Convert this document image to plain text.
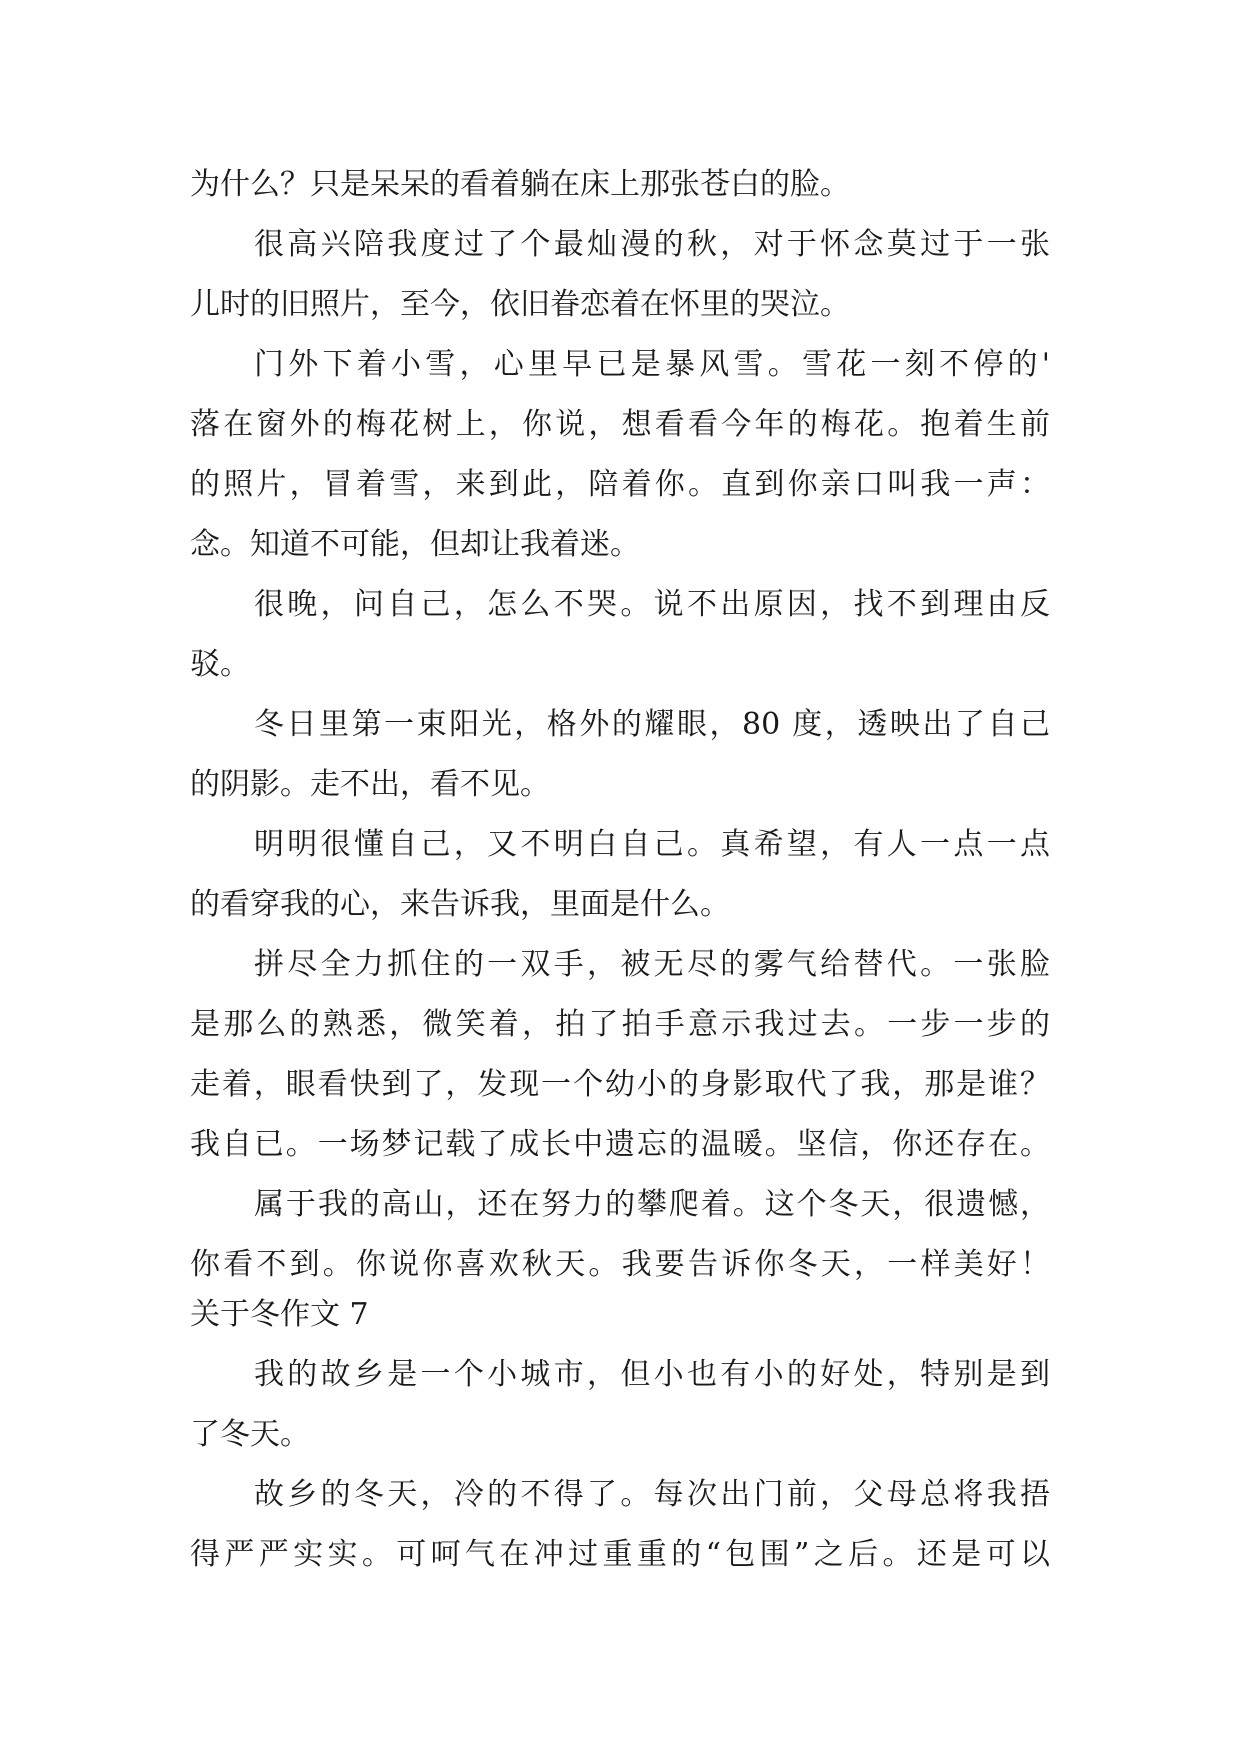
为什么？只是呆呆的看着躺在床上那张苍白的脸。
很高兴陪我度过了个最灿漫的秋，对于怀念莫过于一张
儿时的旧照片，至今，依旧眷恋着在怀里的哭泣。
门外下着小雪，心里早已是暴风雪。雪花一刻不停的'
落在窗外的梅花树上，你说，想看看今年的梅花。抱着生前
的照片，冒着雪，来到此，陪着你。直到你亲口叫我一声：
念。知道不可能，但却让我着迷。
很晚，问自己，怎么不哭。说不出原因，找不到理由反
驳。
冬日里第一束阳光，格外的耀眼，80 度，透映出了自己
的阴影。走不出，看不见。
明明很懂自己，又不明白自己。真希望，有人一点一点
的看穿我的心，来告诉我，里面是什么。
拼尽全力抓住的一双手，被无尽的雾气给替代。一张脸
是那么的熟悉，微笑着，拍了拍手意示我过去。一步一步的
走着，眼看快到了，发现一个幼小的身影取代了我，那是谁？
我自已。一场梦记载了成长中遗忘的温暖。坚信，你还存在。
属于我的高山，还在努力的攀爬着。这个冬天，很遗憾，
你看不到。你说你喜欢秋天。我要告诉你冬天，一样美好！
关于冬作文 7
我的故乡是一个小城市，但小也有小的好处，特别是到
了冬天。
故乡的冬天，冷的不得了。每次出门前，父母总将我捂
得严严实实。可呵气在冲过重重的“包围”之后。还是可以
